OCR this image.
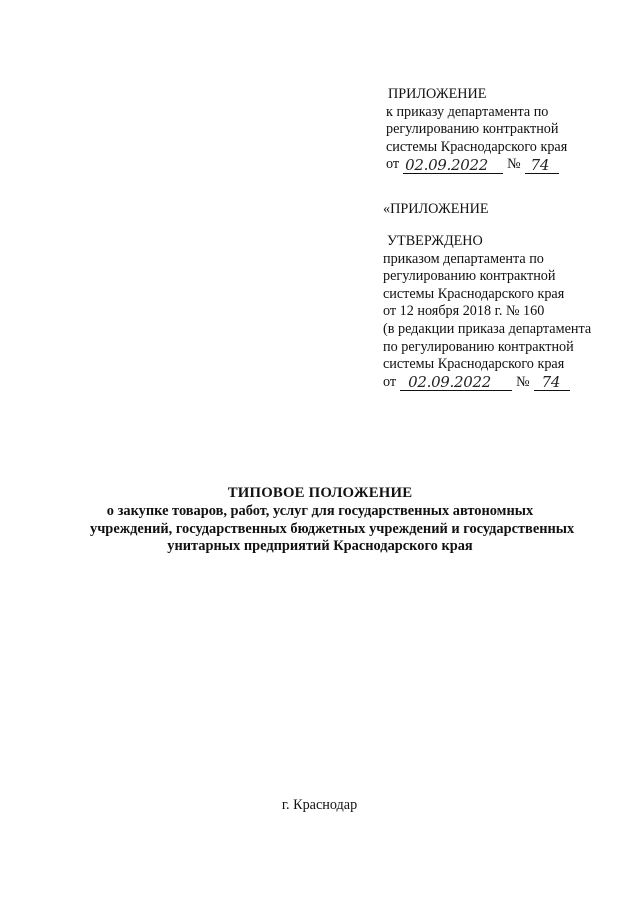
ПРИЛОЖЕНИЕ
к приказу департамента по
регулированию контрактной
системы Краснодарского края
от 02.09.2022 № 74
«ПРИЛОЖЕНИЕ
УТВЕРЖДЕНО
приказом департамента по
регулированию контрактной
системы Краснодарского края
от 12 ноября 2018 г. № 160
(в редакции приказа департамента
по регулированию контрактной
системы Краснодарского края
от 02.09.2022 № 74
ТИПОВОЕ ПОЛОЖЕНИЕ
о закупке товаров, работ, услуг для государственных автономных
учреждений, государственных бюджетных учреждений и государственных
унитарных предприятий Краснодарского края
г. Краснодар
